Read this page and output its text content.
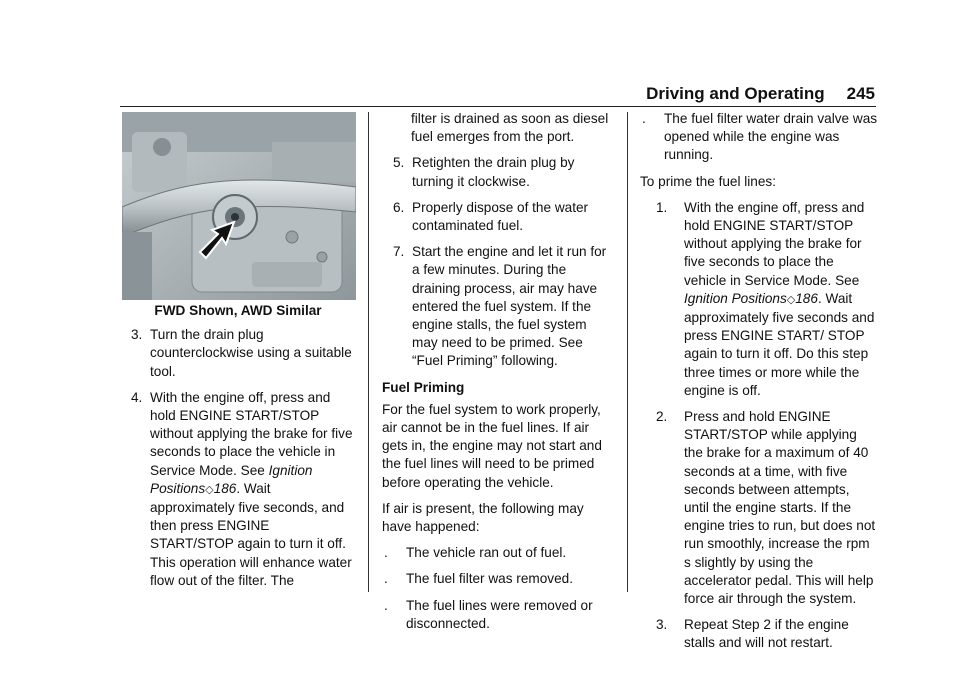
Driving and Operating 245
FWD Shown, AWD Similar

3. Turn the drain plug counterclockwise using a suitable tool.

4. With the engine off, press and hold ENGINE START/STOP without applying the brake for five seconds to place the vehicle in Service Mode. See Ignition Positions◇186. Wait approximately five seconds, and then press ENGINE START/STOP again to turn it off. This operation will enhance water flow out of the filter. The

filter is drained as soon as diesel fuel emerges from the port.

5. Retighten the drain plug by turning it clockwise.

6. Properly dispose of the water contaminated fuel.

7. Start the engine and let it run for a few minutes. During the draining process, air may have entered the fuel system. If the engine stalls, the fuel system may need to be primed. See “Fuel Priming” following.

Fuel Priming

For the fuel system to work properly, air cannot be in the fuel lines. If air gets in, the engine may not start and the fuel lines will need to be primed before operating the vehicle.

If air is present, the following may have happened:

. The vehicle ran out of fuel.

. The fuel filter was removed.

. The fuel lines were removed or disconnected.

. The fuel filter water drain valve was opened while the engine was running.

To prime the fuel lines:

1. With the engine off, press and hold ENGINE START/STOP without applying the brake for five seconds to place the vehicle in Service Mode. See Ignition Positions◇186. Wait approximately five seconds and press ENGINE START/ STOP again to turn it off. Do this step three times or more while the engine is off.

2. Press and hold ENGINE START/STOP while applying the brake for a maximum of 40 seconds at a time, with five seconds between attempts, until the engine starts. If the engine tries to run, but does not run smoothly, increase the rpm s slightly by using the accelerator pedal. This will help force air through the system.

3. Repeat Step 2 if the engine stalls and will not restart.
